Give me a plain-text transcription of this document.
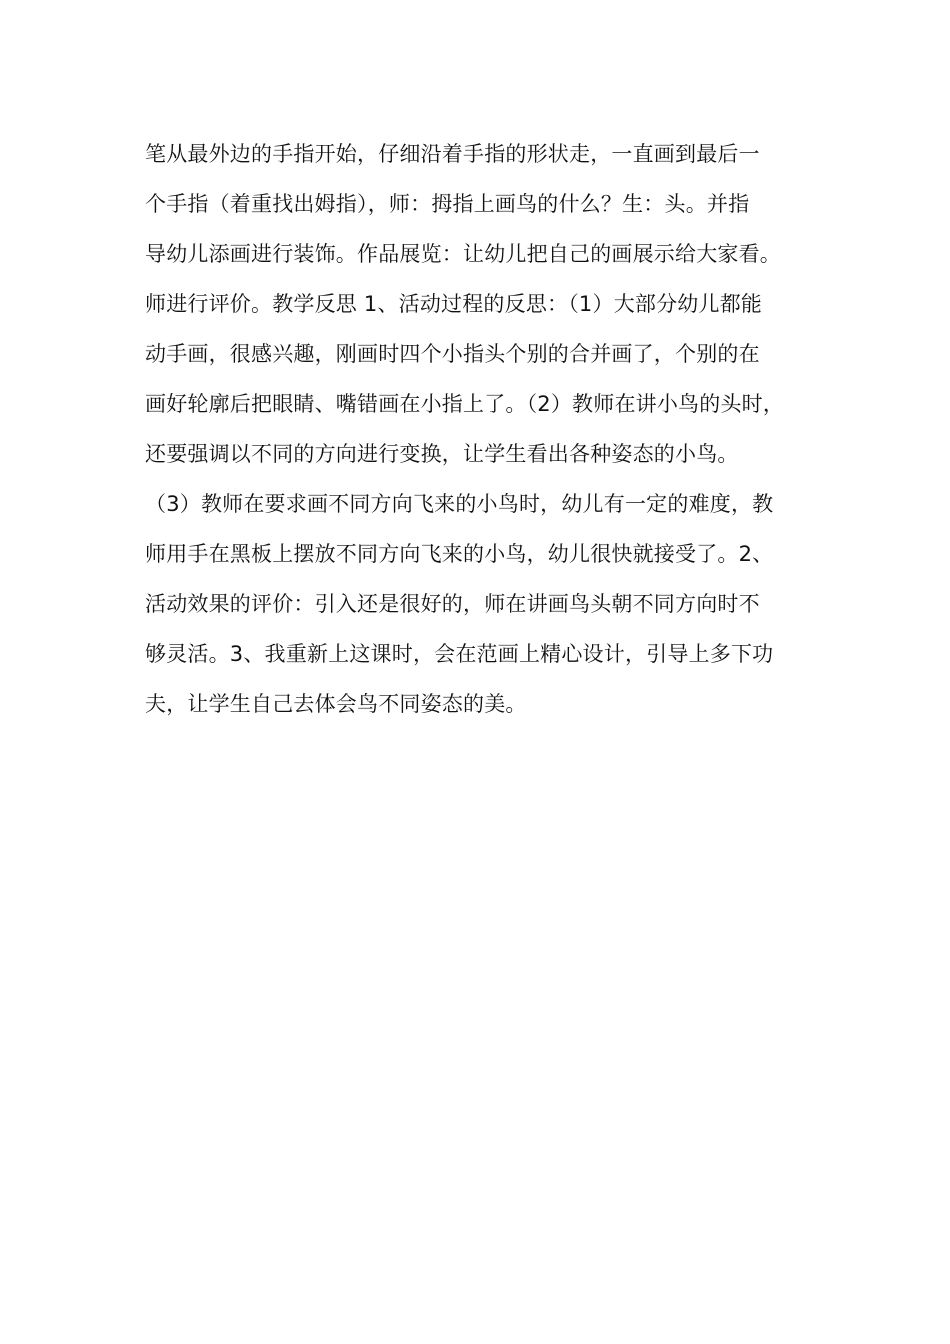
笔从最外边的手指开始，仔细沿着手指的形状走，一直画到最后一
个手指（着重找出姆指），师：拇指上画鸟的什么？生：头。并指
导幼儿添画进行装饰。作品展览：让幼儿把自己的画展示给大家看。
师进行评价。教学反思 1、活动过程的反思：（1）大部分幼儿都能
动手画，很感兴趣，刚画时四个小指头个别的合并画了，个别的在
画好轮廓后把眼睛、嘴错画在小指上了。（2）教师在讲小鸟的头时，
还要强调以不同的方向进行变换，让学生看出各种姿态的小鸟。
（3）教师在要求画不同方向飞来的小鸟时，幼儿有一定的难度，教
师用手在黑板上摆放不同方向飞来的小鸟，幼儿很快就接受了。2、
活动效果的评价：引入还是很好的，师在讲画鸟头朝不同方向时不
够灵活。3、我重新上这课时，会在范画上精心设计，引导上多下功
夫，让学生自己去体会鸟不同姿态的美。
